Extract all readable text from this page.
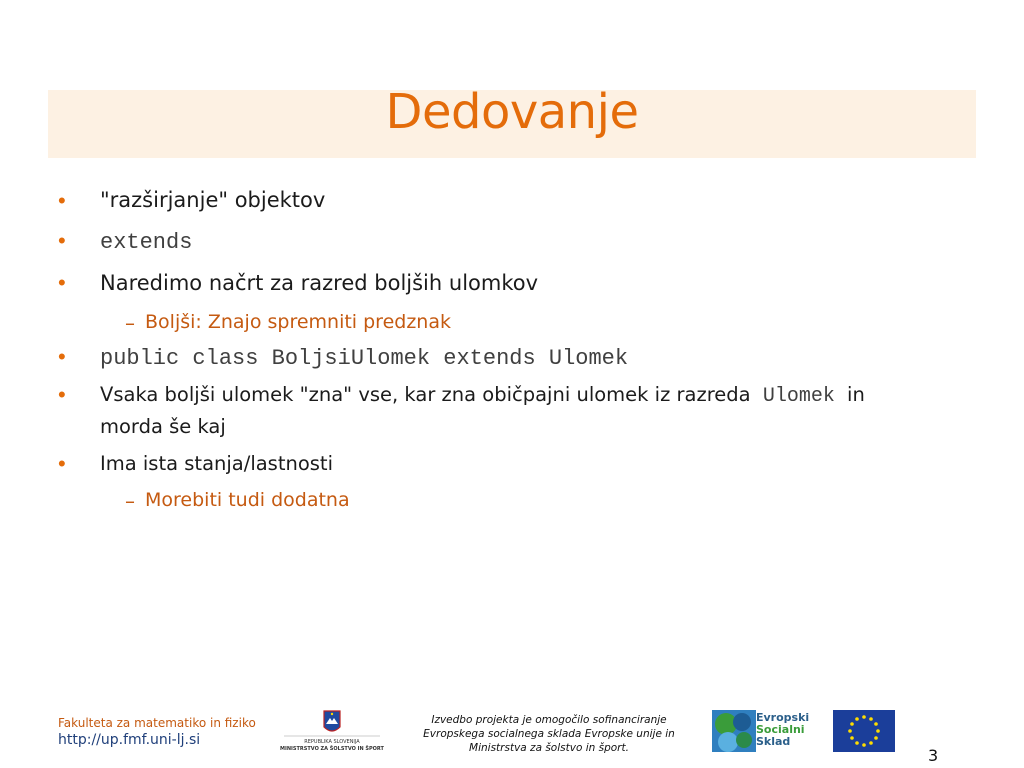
Dedovanje
• "razširjanje" objektov
• extends
• Naredimo načrt za razred boljših ulomkov
– Boljši: Znajo spremniti predznak
• public class BoljsiUlomek extends Ulomek
• Vsaka boljši ulomek "zna" vse, kar zna običpajni ulomek iz razreda Ulomek in
morda še kaj
• Ima ista stanja/lastnosti
– Morebiti tudi dodatna
Fakulteta za matematiko in fiziko
http://up.fmf.uni-lj.si	REPUBLIKA SLOVENIJA
MINISTRSTVO ZA ŠOLSTVO IN ŠPORT
Izvedbo projekta je omogočilo sofinanciranje
Evropskega socialnega sklada Evropske unije in
Ministrstva za šolstvo in šport.
Evropski
Socialni
Sklad
3
